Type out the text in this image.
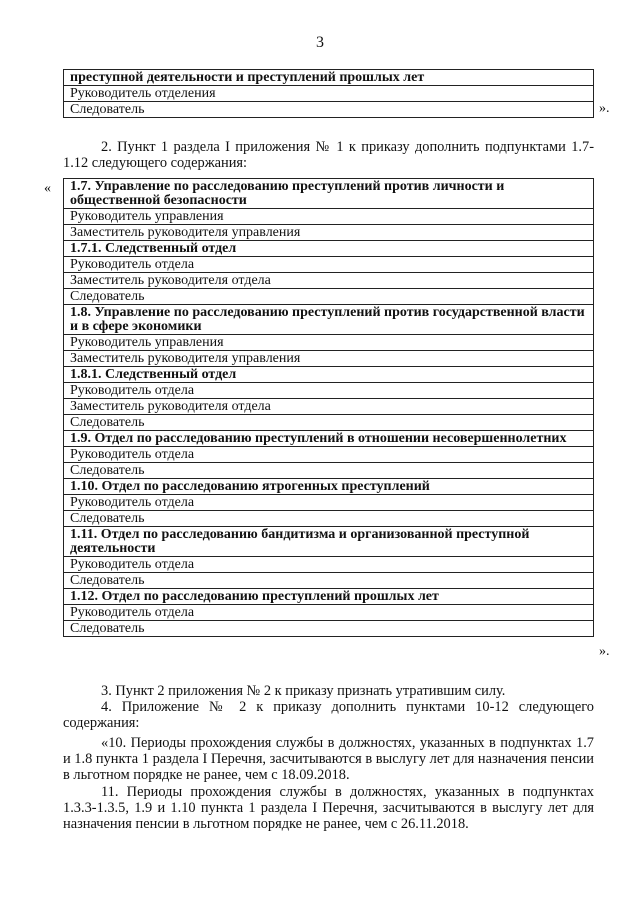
3
преступной деятельности и преступлений прошлых лет
Руководитель отделения
Следователь	».
2. Пункт 1 раздела I приложения № 1 к приказу дополнить подпунктами 1.7-1.12 следующего содержания:
« 1.7. Управление по расследованию преступлений против личности и общественной безопасности
Руководитель управления
Заместитель руководителя управления
1.7.1. Следственный отдел
Руководитель отдела
Заместитель руководителя отдела
Следователь
1.8. Управление по расследованию преступлений против государственной власти и в сфере экономики
Руководитель управления
Заместитель руководителя управления
1.8.1. Следственный отдел
Руководитель отдела
Заместитель руководителя отдела
Следователь
1.9. Отдел по расследованию преступлений в отношении несовершеннолетних
Руководитель отдела
Следователь
1.10. Отдел по расследованию ятрогенных преступлений
Руководитель отдела
Следователь
1.11. Отдел по расследованию бандитизма и организованной преступной деятельности
Руководитель отдела
Следователь
1.12. Отдел по расследованию преступлений прошлых лет
Руководитель отдела
Следователь
».
3. Пункт 2 приложения № 2 к приказу признать утратившим силу.
4. Приложение № 2 к приказу дополнить пунктами 10-12 следующего содержания:
«10. Периоды прохождения службы в должностях, указанных в подпунктах 1.7 и 1.8 пункта 1 раздела I Перечня, засчитываются в выслугу лет для назначения пенсии в льготном порядке не ранее, чем с 18.09.2018.
11. Периоды прохождения службы в должностях, указанных в подпунктах 1.3.3-1.3.5, 1.9 и 1.10 пункта 1 раздела I Перечня, засчитываются в выслугу лет для назначения пенсии в льготном порядке не ранее, чем с 26.11.2018.
